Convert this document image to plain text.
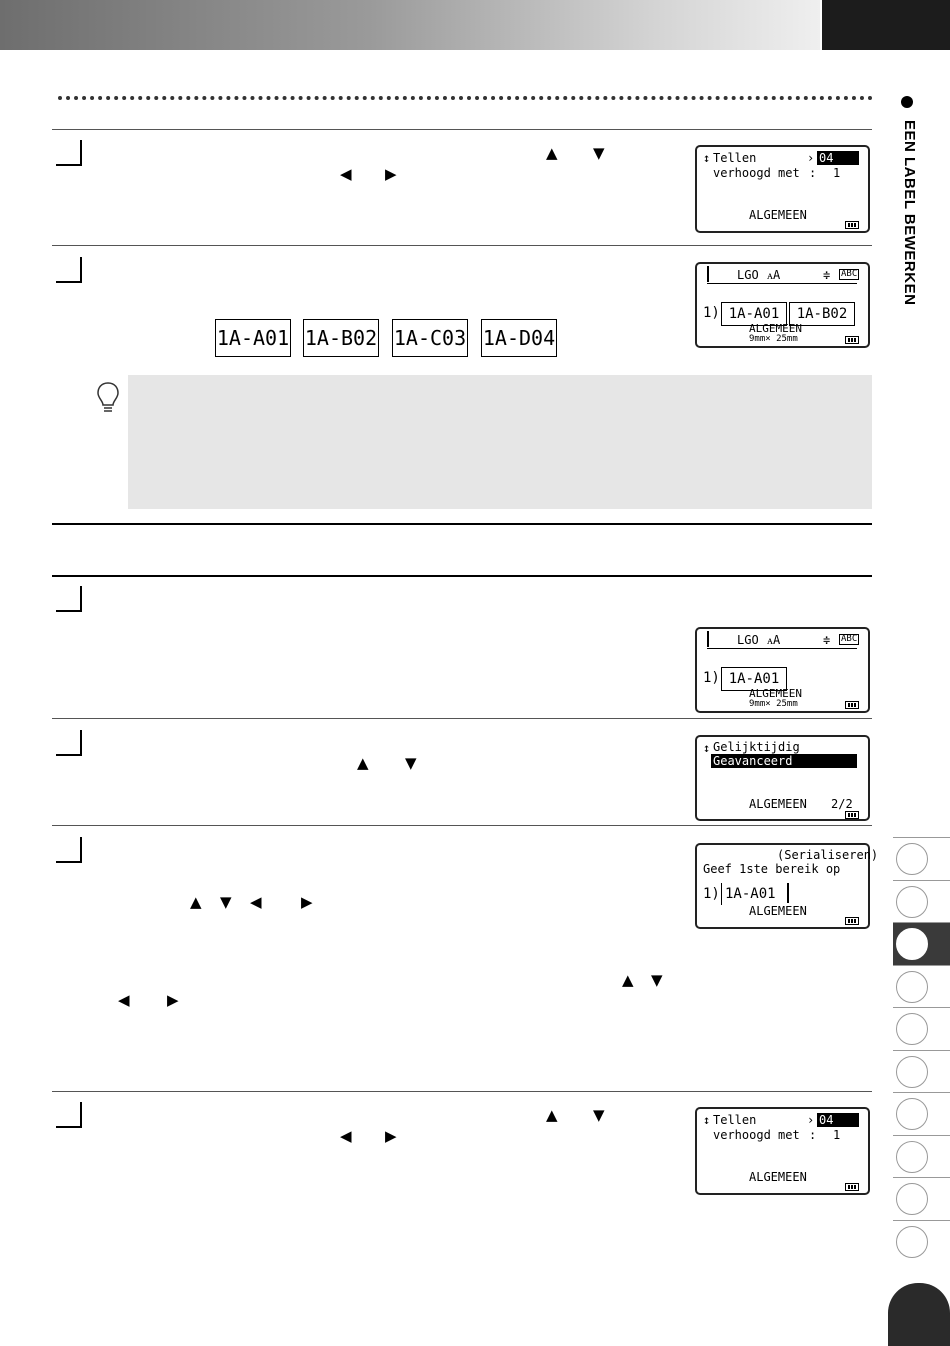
EEN LABEL BEWERKEN
▲ ▼
◀ ▶
↕ Tellen	› 04
verhoogd met : 1
ALGEMEEN
LGO ᴀA	≑ ABC
1) 1A-A01	1A-B02
ALGEMEEN
9mm× 25mm
1A-A01 1A-B02 1A-C03 1A-D04
LGO ᴀA	≑ ABC
1) 1A-A01
ALGEMEEN
9mm× 25mm
▲ ▼
↕ Gelijktijdig
Geavanceerd
ALGEMEEN 2/2
▲ ▼ ◀	▶
(Serialiseren)
Geef 1ste bereik op
1) 1A-A01
ALGEMEEN
▲ ▼
◀ ▶
▲ ▼
◀ ▶
↕ Tellen	› 04
verhoogd met : 1
ALGEMEEN
